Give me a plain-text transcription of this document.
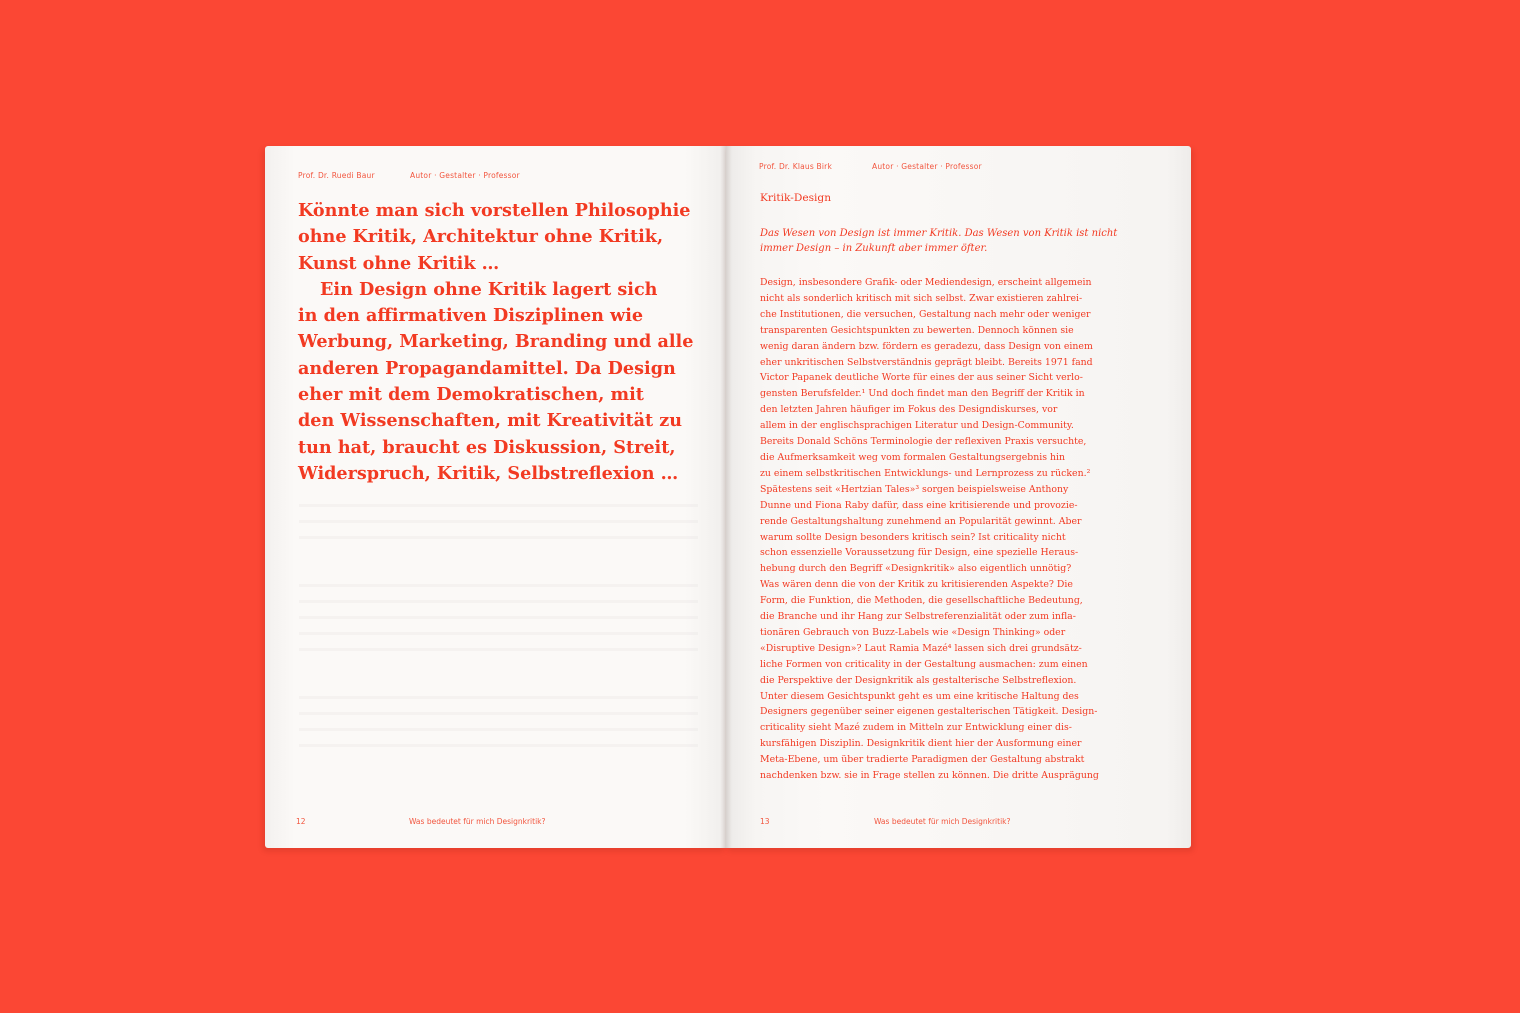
Prof. Dr. Ruedi Baur	Autor · Gestalter · Professor
Könnte man sich vorstellen Philosophie
ohne Kritik, Architektur ohne Kritik,
Kunst ohne Kritik …
Ein Design ohne Kritik lagert sich
in den affirmativen Disziplinen wie
Werbung, Marketing, Branding und alle
anderen Propagandamittel. Da Design
eher mit dem Demokratischen, mit
den Wissenschaften, mit Kreativität zu
tun hat, braucht es Diskussion, Streit,
Widerspruch, Kritik, Selbstreflexion …
12	Was bedeutet für mich Designkritik?
Prof. Dr. Klaus Birk	Autor · Gestalter · Professor
Kritik-Design
Das Wesen von Design ist immer Kritik. Das Wesen von Kritik ist nicht
immer Design – in Zukunft aber immer öfter.
Design, insbesondere Grafik- oder Mediendesign, erscheint allgemein
nicht als sonderlich kritisch mit sich selbst. Zwar existieren zahlrei-
che Institutionen, die versuchen, Gestaltung nach mehr oder weniger
transparenten Gesichtspunkten zu bewerten. Dennoch können sie
wenig daran ändern bzw. fördern es geradezu, dass Design von einem
eher unkritischen Selbstverständnis geprägt bleibt. Bereits 1971 fand
Victor Papanek deutliche Worte für eines der aus seiner Sicht verlo-
gensten Berufsfelder.¹ Und doch findet man den Begriff der Kritik in
den letzten Jahren häufiger im Fokus des Designdiskurses, vor
allem in der englischsprachigen Literatur und Design-Community.
Bereits Donald Schöns Terminologie der reflexiven Praxis versuchte,
die Aufmerksamkeit weg vom formalen Gestaltungsergebnis hin
zu einem selbstkritischen Entwicklungs- und Lernprozess zu rücken.²
Spätestens seit «Hertzian Tales»³ sorgen beispielsweise Anthony
Dunne und Fiona Raby dafür, dass eine kritisierende und provozie-
rende Gestaltungshaltung zunehmend an Popularität gewinnt. Aber
warum sollte Design besonders kritisch sein? Ist criticality nicht
schon essenzielle Voraussetzung für Design, eine spezielle Heraus-
hebung durch den Begriff «Designkritik» also eigentlich unnötig?
Was wären denn die von der Kritik zu kritisierenden Aspekte? Die
Form, die Funktion, die Methoden, die gesellschaftliche Bedeutung,
die Branche und ihr Hang zur Selbstreferenzialität oder zum infla-
tionären Gebrauch von Buzz-Labels wie «Design Thinking» oder
«Disruptive Design»? Laut Ramia Mazé⁴ lassen sich drei grundsätz-
liche Formen von criticality in der Gestaltung ausmachen: zum einen
die Perspektive der Designkritik als gestalterische Selbstreflexion.
Unter diesem Gesichtspunkt geht es um eine kritische Haltung des
Designers gegenüber seiner eigenen gestalterischen Tätigkeit. Design-
criticality sieht Mazé zudem in Mitteln zur Entwicklung einer dis-
kursfähigen Disziplin. Designkritik dient hier der Ausformung einer
Meta-Ebene, um über tradierte Paradigmen der Gestaltung abstrakt
nachdenken bzw. sie in Frage stellen zu können. Die dritte Ausprägung
13	Was bedeutet für mich Designkritik?
